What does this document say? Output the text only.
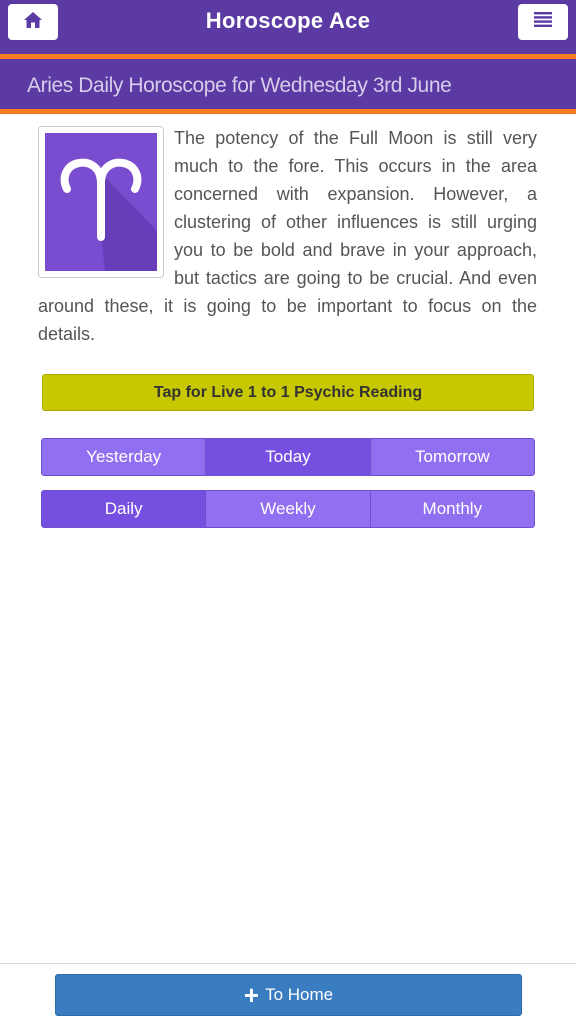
Horoscope Ace
Aries Daily Horoscope for Wednesday 3rd June

The potency of the Full Moon is still very much to the fore. This occurs in the area concerned with expansion. However, a clustering of other influences is still urging you to be bold and brave in your approach, but tactics are going to be crucial. And even around these, it is going to be important to focus on the details.

Tap for Live 1 to 1 Psychic Reading
Yesterday	Today	Tomorrow
Daily	Weekly	Monthly
+ To Home
